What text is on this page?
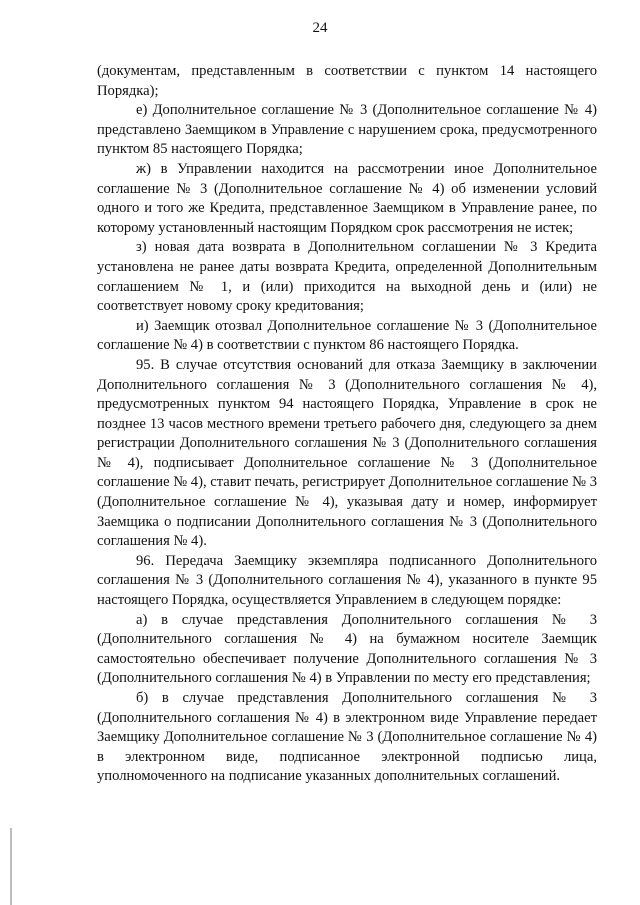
24

(документам, представленным в соответствии с пунктом 14 настоящего Порядка);

е) Дополнительное соглашение № 3 (Дополнительное соглашение № 4) представлено Заемщиком в Управление с нарушением срока, предусмотренного пунктом 85 настоящего Порядка;

ж) в Управлении находится на рассмотрении иное Дополнительное соглашение № 3 (Дополнительное соглашение № 4) об изменении условий одного и того же Кредита, представленное Заемщиком в Управление ранее, по которому установленный настоящим Порядком срок рассмотрения не истек;

з) новая дата возврата в Дополнительном соглашении № 3 Кредита установлена не ранее даты возврата Кредита, определенной Дополнительным соглашением № 1, и (или) приходится на выходной день и (или) не соответствует новому сроку кредитования;

и) Заемщик отозвал Дополнительное соглашение № 3 (Дополнительное соглашение № 4) в соответствии с пунктом 86 настоящего Порядка.

95. В случае отсутствия оснований для отказа Заемщику в заключении Дополнительного соглашения № 3 (Дополнительного соглашения № 4), предусмотренных пунктом 94 настоящего Порядка, Управление в срок не позднее 13 часов местного времени третьего рабочего дня, следующего за днем регистрации Дополнительного соглашения № 3 (Дополнительного соглашения № 4), подписывает Дополнительное соглашение № 3 (Дополнительное соглашение № 4), ставит печать, регистрирует Дополнительное соглашение № 3 (Дополнительное соглашение № 4), указывая дату и номер, информирует Заемщика о подписании Дополнительного соглашения № 3 (Дополнительного соглашения № 4).

96. Передача Заемщику экземпляра подписанного Дополнительного соглашения № 3 (Дополнительного соглашения № 4), указанного в пункте 95 настоящего Порядка, осуществляется Управлением в следующем порядке:

а) в случае представления Дополнительного соглашения № 3 (Дополнительного соглашения № 4) на бумажном носителе Заемщик самостоятельно обеспечивает получение Дополнительного соглашения № 3 (Дополнительного соглашения № 4) в Управлении по месту его представления;

б) в случае представления Дополнительного соглашения № 3 (Дополнительного соглашения № 4) в электронном виде Управление передает Заемщику Дополнительное соглашение № 3 (Дополнительное соглашение № 4) в электронном виде, подписанное электронной подписью лица, уполномоченного на подписание указанных дополнительных соглашений.
